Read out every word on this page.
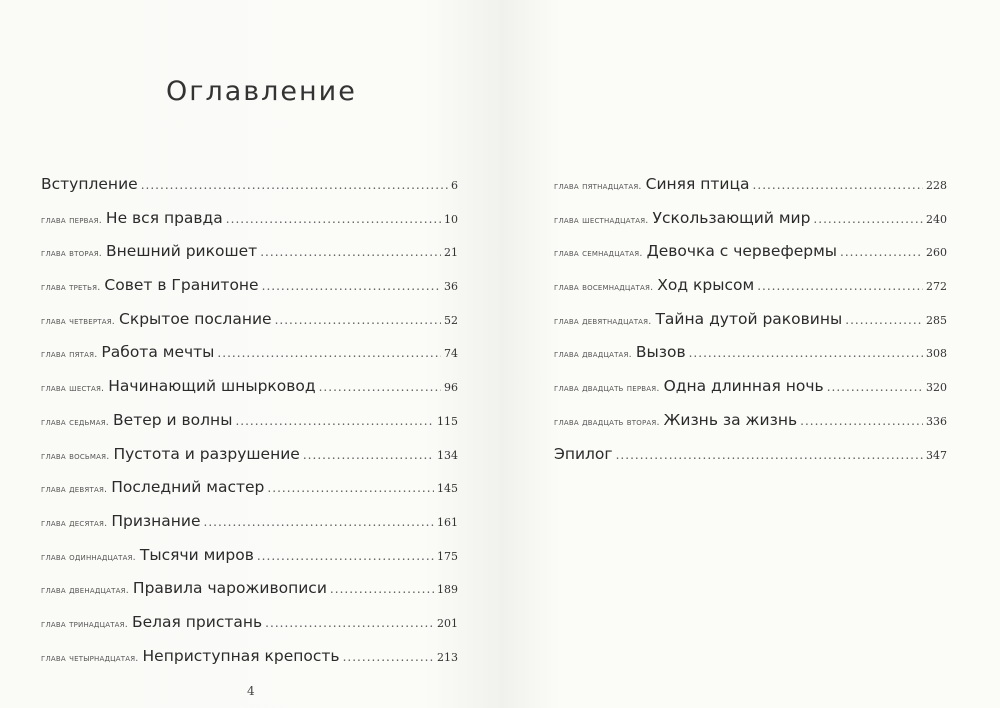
Оглавление
Вступление . . .	6
глава первая. Не вся правда . . .	10
глава вторая. Внешний рикошет . . .	21
глава третья. Совет в Гранитоне . . .	36
глава четвертая. Скрытое послание . . .	52
глава пятая. Работа мечты . . .	74
глава шестая. Начинающий шнырковод . . .	96
глава седьмая. Ветер и волны . . .	115
глава восьмая. Пустота и разрушение . . .	134
глава девятая. Последний мастер . . .	145
глава десятая. Признание . . .	161
глава одиннадцатая. Тысячи миров . . .	175
глава двенадцатая. Правила чароживописи . . .	189
глава тринадцатая. Белая пристань . . .	201
глава четырнадцатая. Неприступная крепость . . .	213
4
глава пятнадцатая. Синяя птица . . .	228
глава шестнадцатая. Ускользающий мир . . .	240
глава семнадцатая. Девочка с червефермы . . .	260
глава восемнадцатая. Ход крысом . . .	272
глава девятнадцатая. Тайна дутой раковины . . .	285
глава двадцатая. Вызов . . .	308
глава двадцать первая. Одна длинная ночь . . .	320
глава двадцать вторая. Жизнь за жизнь . . .	336
Эпилог . . .	347
